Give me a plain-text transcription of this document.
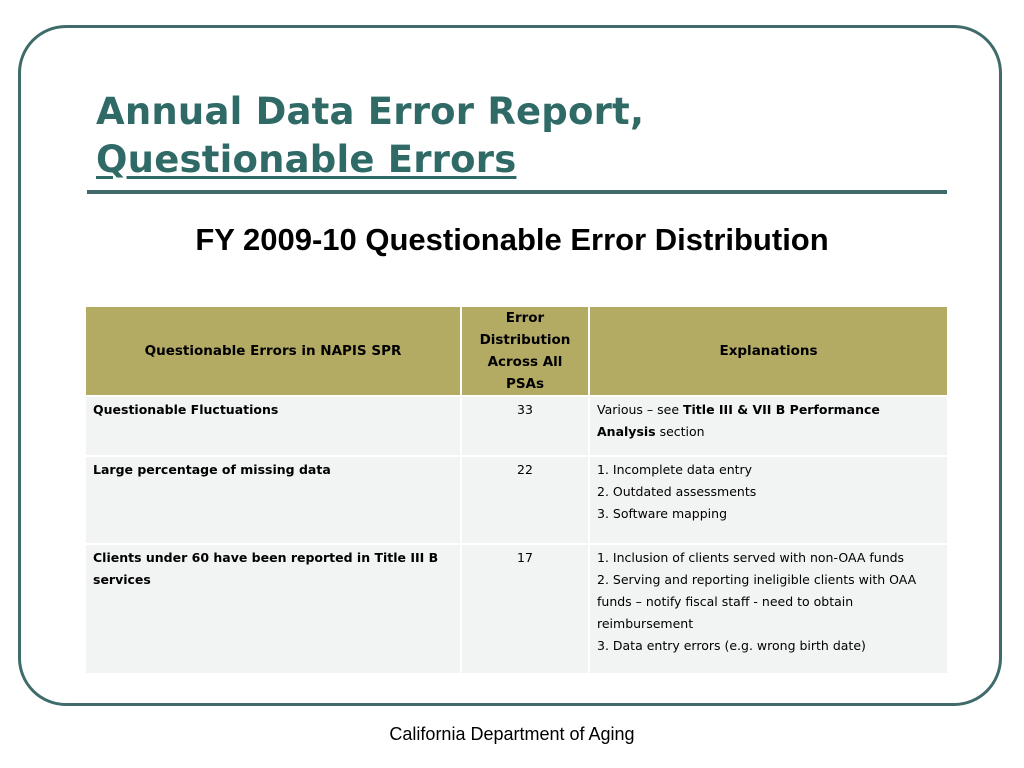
Annual Data Error Report,
Questionable Errors
FY 2009-10 Questionable Error Distribution
Questionable Errors in NAPIS SPR	Error Distribution Across All PSAs	Explanations
Questionable Fluctuations	33	Various – see Title III & VII B Performance Analysis section
Large percentage of missing data	22	1. Incomplete data entry
2. Outdated assessments
3. Software mapping

Clients under 60 have been reported in Title III B services	17	1. Inclusion of clients served with non-OAA funds
2. Serving and reporting ineligible clients with OAA funds – notify fiscal staff - need to obtain reimbursement
3. Data entry errors (e.g. wrong birth date)
California Department of Aging
